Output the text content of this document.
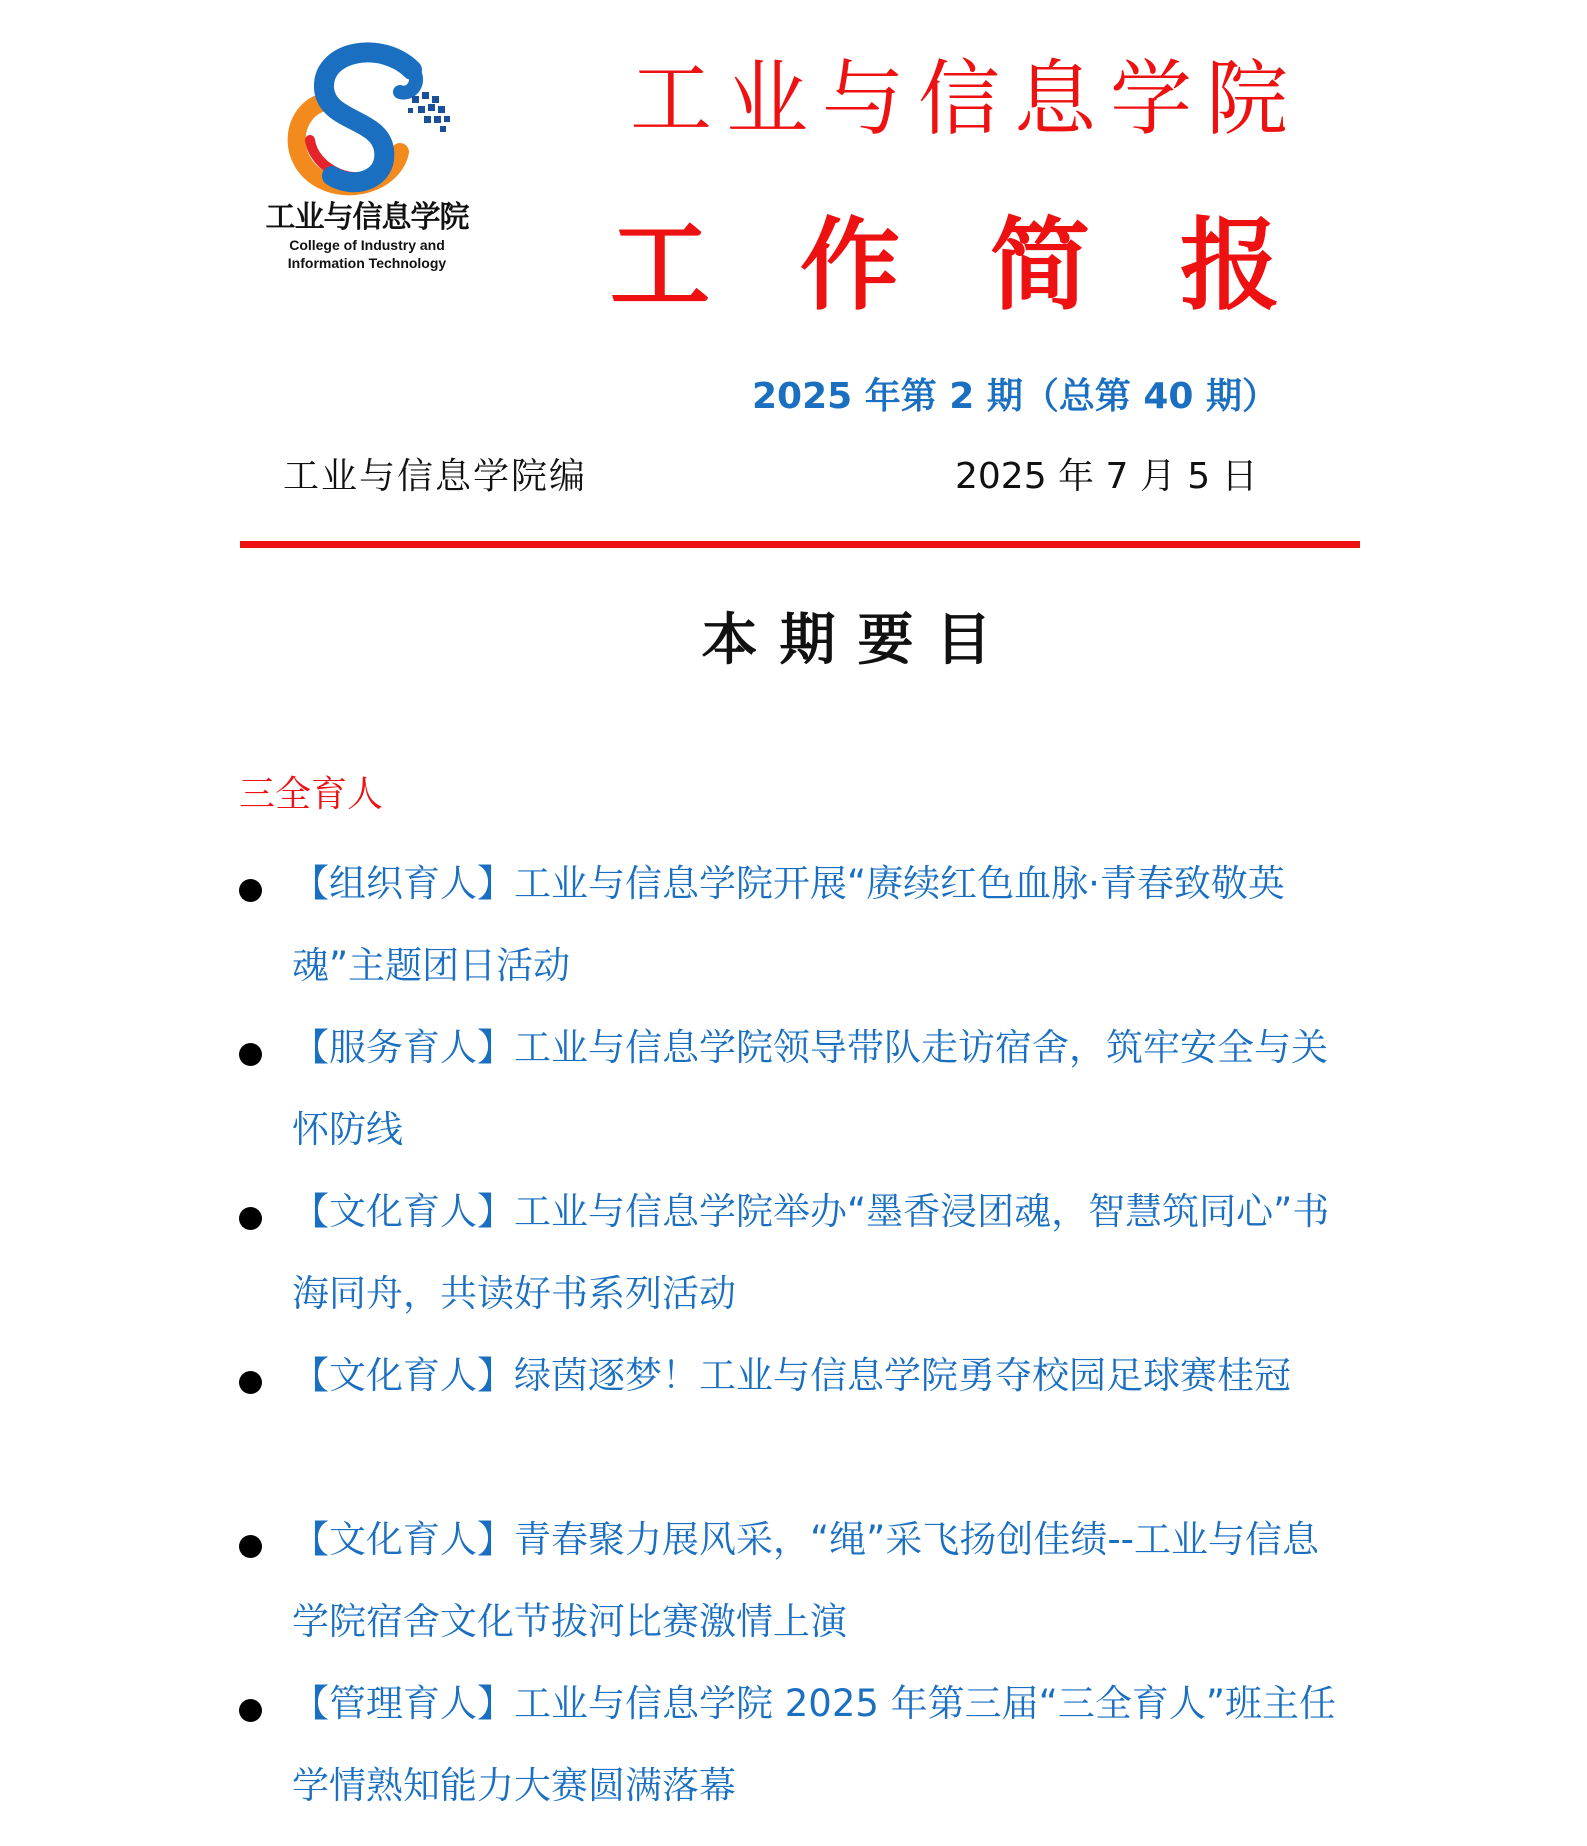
工业与信息学院
College of Industry and
Information Technology
工业与信息学院
工作简报
2025 年第 2 期（总第 40 期）
工业与信息学院编	2025 年 7 月 5 日
本期要目
三全育人
【组织育人】工业与信息学院开展“赓续红色血脉·青春致敬英魂”主题团日活动
【服务育人】工业与信息学院领导带队走访宿舍，筑牢安全与关怀防线
【文化育人】工业与信息学院举办“墨香浸团魂，智慧筑同心”书海同舟，共读好书系列活动
【文化育人】绿茵逐梦！工业与信息学院勇夺校园足球赛桂冠
【文化育人】青春聚力展风采，“绳”采飞扬创佳绩--工业与信息学院宿舍文化节拔河比赛激情上演
【管理育人】工业与信息学院 2025 年第三届“三全育人”班主任学情熟知能力大赛圆满落幕
